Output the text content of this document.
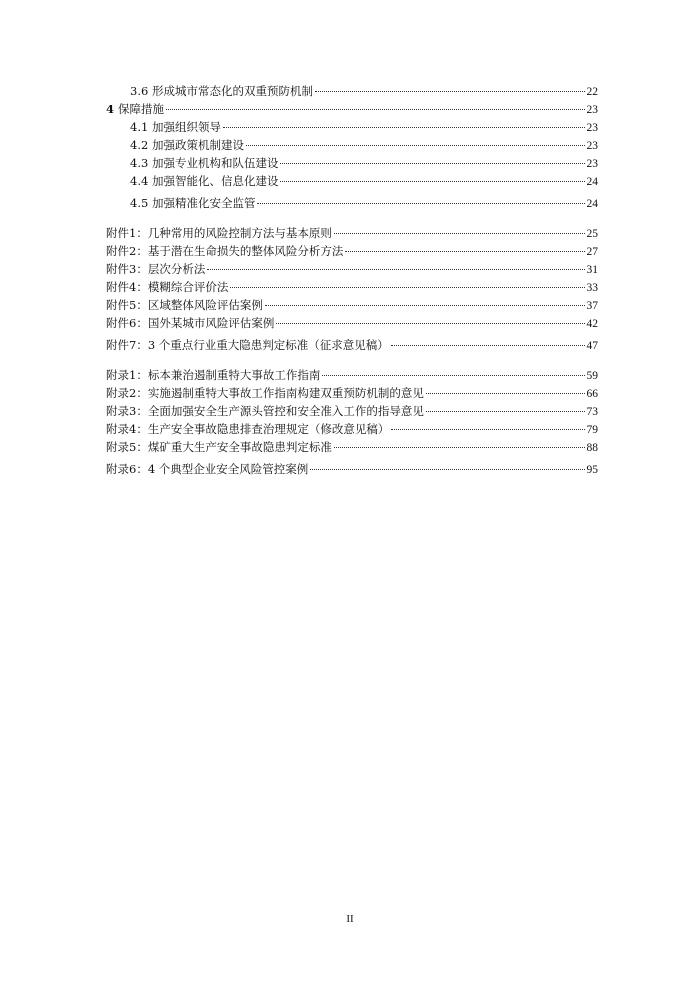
3.6 形成城市常态化的双重预防机制	22
4 保障措施	23
4.1 加强组织领导	23
4.2 加强政策机制建设	23
4.3 加强专业机构和队伍建设	23
4.4 加强智能化、信息化建设	24
4.5 加强精准化安全监管	24
附件1：几种常用的风险控制方法与基本原则	25
附件2：基于潜在生命损失的整体风险分析方法	27
附件3：层次分析法	31
附件4：模糊综合评价法	33
附件5：区域整体风险评估案例	37
附件6：国外某城市风险评估案例	42
附件7：3 个重点行业重大隐患判定标准（征求意见稿）	47
附录1：标本兼治遏制重特大事故工作指南	59
附录2：实施遏制重特大事故工作指南构建双重预防机制的意见	66
附录3：全面加强安全生产源头管控和安全准入工作的指导意见	73
附录4：生产安全事故隐患排查治理规定（修改意见稿）	79
附录5：煤矿重大生产安全事故隐患判定标准	88
附录6：4 个典型企业安全风险管控案例	95
II
